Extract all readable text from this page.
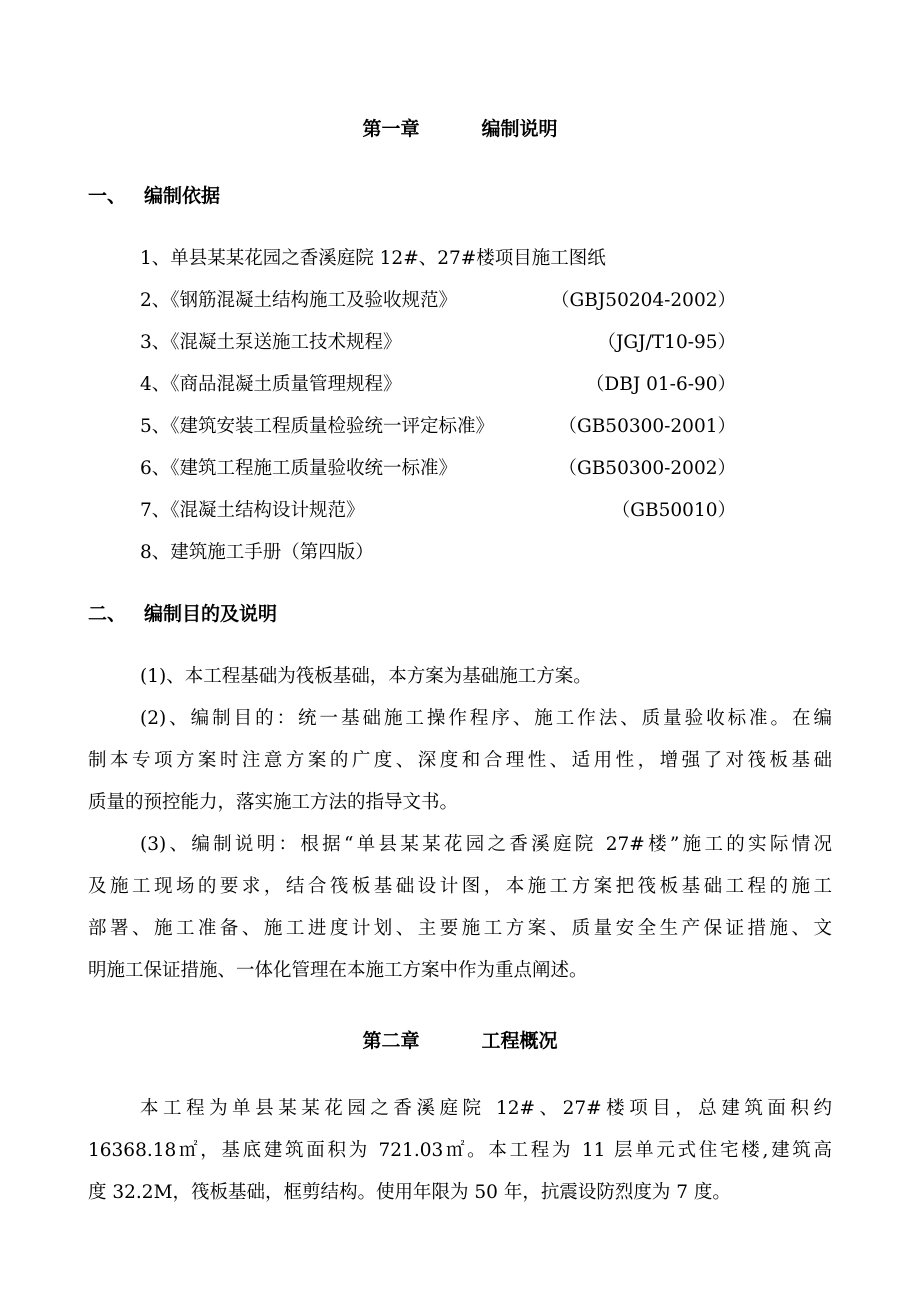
第一章	编制说明
一、 编制依据
1、单县某某花园之香溪庭院 12#、27#楼项目施工图纸
2、《钢筋混凝土结构施工及验收规范》	（GBJ50204-2002）
3、《混凝土泵送施工技术规程》	（JGJ/T10-95）
4、《商品混凝土质量管理规程》	（DBJ 01-6-90）
5、《建筑安装工程质量检验统一评定标准》	（GB50300-2001）
6、《建筑工程施工质量验收统一标准》	（GB50300-2002）
7、《混凝土结构设计规范》	（GB50010）
8、建筑施工手册（第四版）
二、 编制目的及说明
(1)、本工程基础为筏板基础，本方案为基础施工方案。
(2)、编制目的：统一基础施工操作程序、施工作法、质量验收标准。在编
制本专项方案时注意方案的广度、深度和合理性、适用性，增强了对筏板基础
质量的预控能力，落实施工方法的指导文书。
(3)、编制说明：根据“单县某某花园之香溪庭院 27#楼”施工的实际情况
及施工现场的要求，结合筏板基础设计图，本施工方案把筏板基础工程的施工
部署、施工准备、施工进度计划、主要施工方案、质量安全生产保证措施、文
明施工保证措施、一体化管理在本施工方案中作为重点阐述。
第二章	工程概况
本工程为单县某某花园之香溪庭院 12#、27#楼项目，总建筑面积约
16368.18㎡，基底建筑面积为 721.03㎡。本工程为 11 层单元式住宅楼,建筑高
度 32.2M，筏板基础，框剪结构。使用年限为 50 年，抗震设防烈度为 7 度。
